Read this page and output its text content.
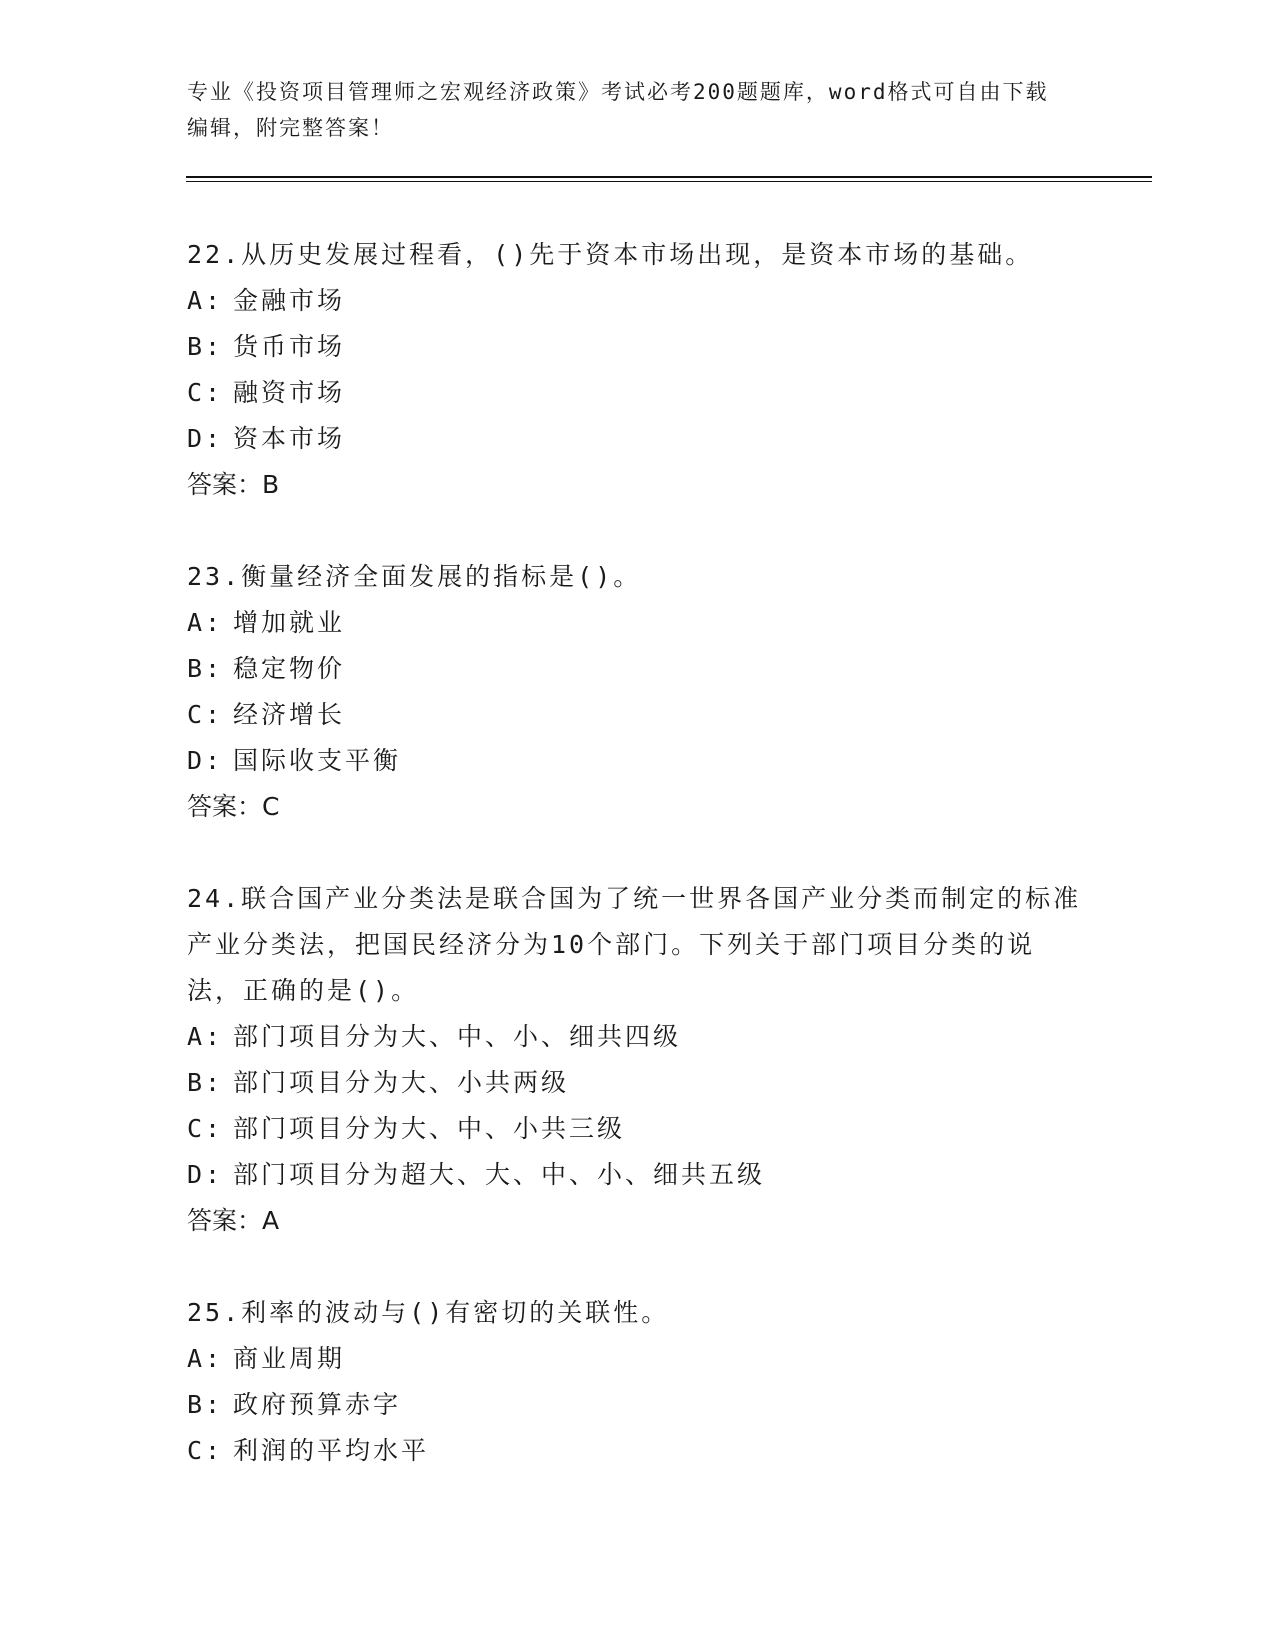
专业《投资项目管理师之宏观经济政策》考试必考200题题库，word格式可自由下载编辑，附完整答案！

22.从历史发展过程看，()先于资本市场出现，是资本市场的基础。

A: 金融市场

B: 货币市场

C: 融资市场

D: 资本市场

答案：B

23.衡量经济全面发展的指标是()。

A: 增加就业

B: 稳定物价

C: 经济增长

D: 国际收支平衡

答案：C

24.联合国产业分类法是联合国为了统一世界各国产业分类而制定的标准产业分类法，把国民经济分为10个部门。下列关于部门项目分类的说法，正确的是()。

A: 部门项目分为大、中、小、细共四级

B: 部门项目分为大、小共两级

C: 部门项目分为大、中、小共三级

D: 部门项目分为超大、大、中、小、细共五级

答案：A

25.利率的波动与()有密切的关联性。

A: 商业周期

B: 政府预算赤字

C: 利润的平均水平
